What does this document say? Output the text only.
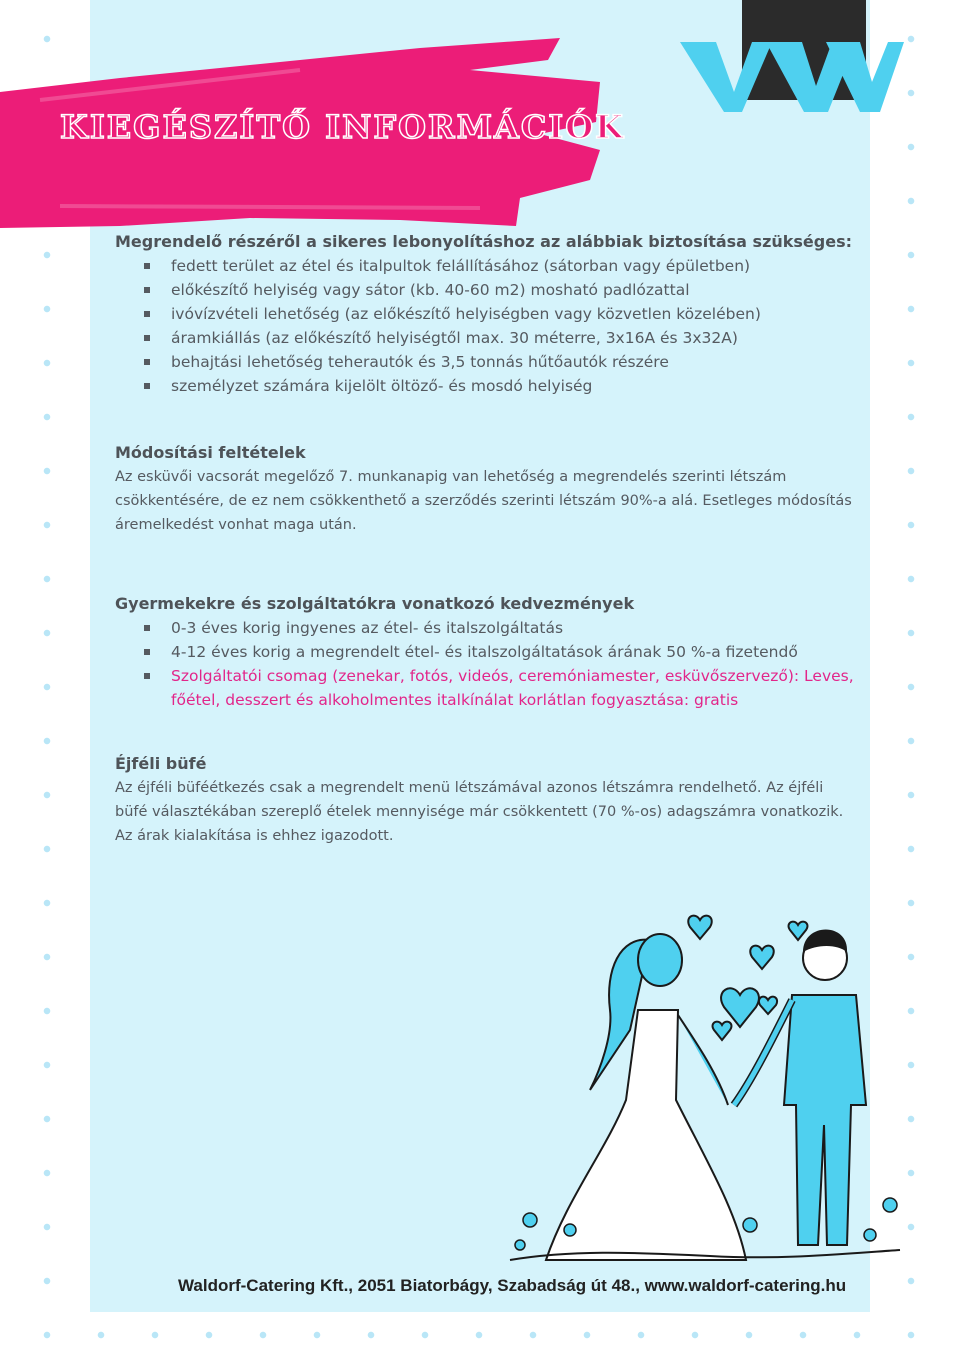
KIEGÉSZÍTŐ INFORMÁCIÓK
Megrendelő részéről a sikeres lebonyolításhoz az alábbiak biztosítása szükséges:
fedett terület az étel és italpultok felállításához (sátorban vagy épületben)
előkészítő helyiség vagy sátor (kb. 40-60 m2) mosható padlózattal
ivóvízvételi lehetőség (az előkészítő helyiségben vagy közvetlen közelében)
áramkiállás (az előkészítő helyiségtől max. 30 méterre, 3x16A és 3x32A)
behajtási lehetőség teherautók és 3,5 tonnás hűtőautók részére
személyzet számára kijelölt öltöző- és mosdó helyiség
Módosítási feltételek

Az esküvői vacsorát megelőző 7. munkanapig van lehetőség a megrendelés szerinti létszám csökkentésére, de ez nem csökkenthető a szerződés szerinti létszám 90%-a alá. Esetleges módosítás áremelkedést vonhat maga után.

Gyermekekre és szolgáltatókra vonatkozó kedvezmények
0-3 éves korig ingyenes az étel- és italszolgáltatás
4-12 éves korig a megrendelt étel- és italszolgáltatások árának 50 %-a fizetendő
Szolgáltatói csomag (zenekar, fotós, videós, ceremóniamester, esküvőszervező): Leves, főétel, desszert és alkoholmentes italkínálat korlátlan fogyasztása: gratis
Éjféli büfé

Az éjféli büféétkezés csak a megrendelt menü létszámával azonos létszámra rendelhető. Az éjféli büfé választékában szereplő ételek mennyisége már csökkentett (70 %-os) adagszámra vonatkozik. Az árak kialakítása is ehhez igazodott.

Waldorf-Catering Kft., 2051 Biatorbágy, Szabadság út 48., www.waldorf-catering.hu
